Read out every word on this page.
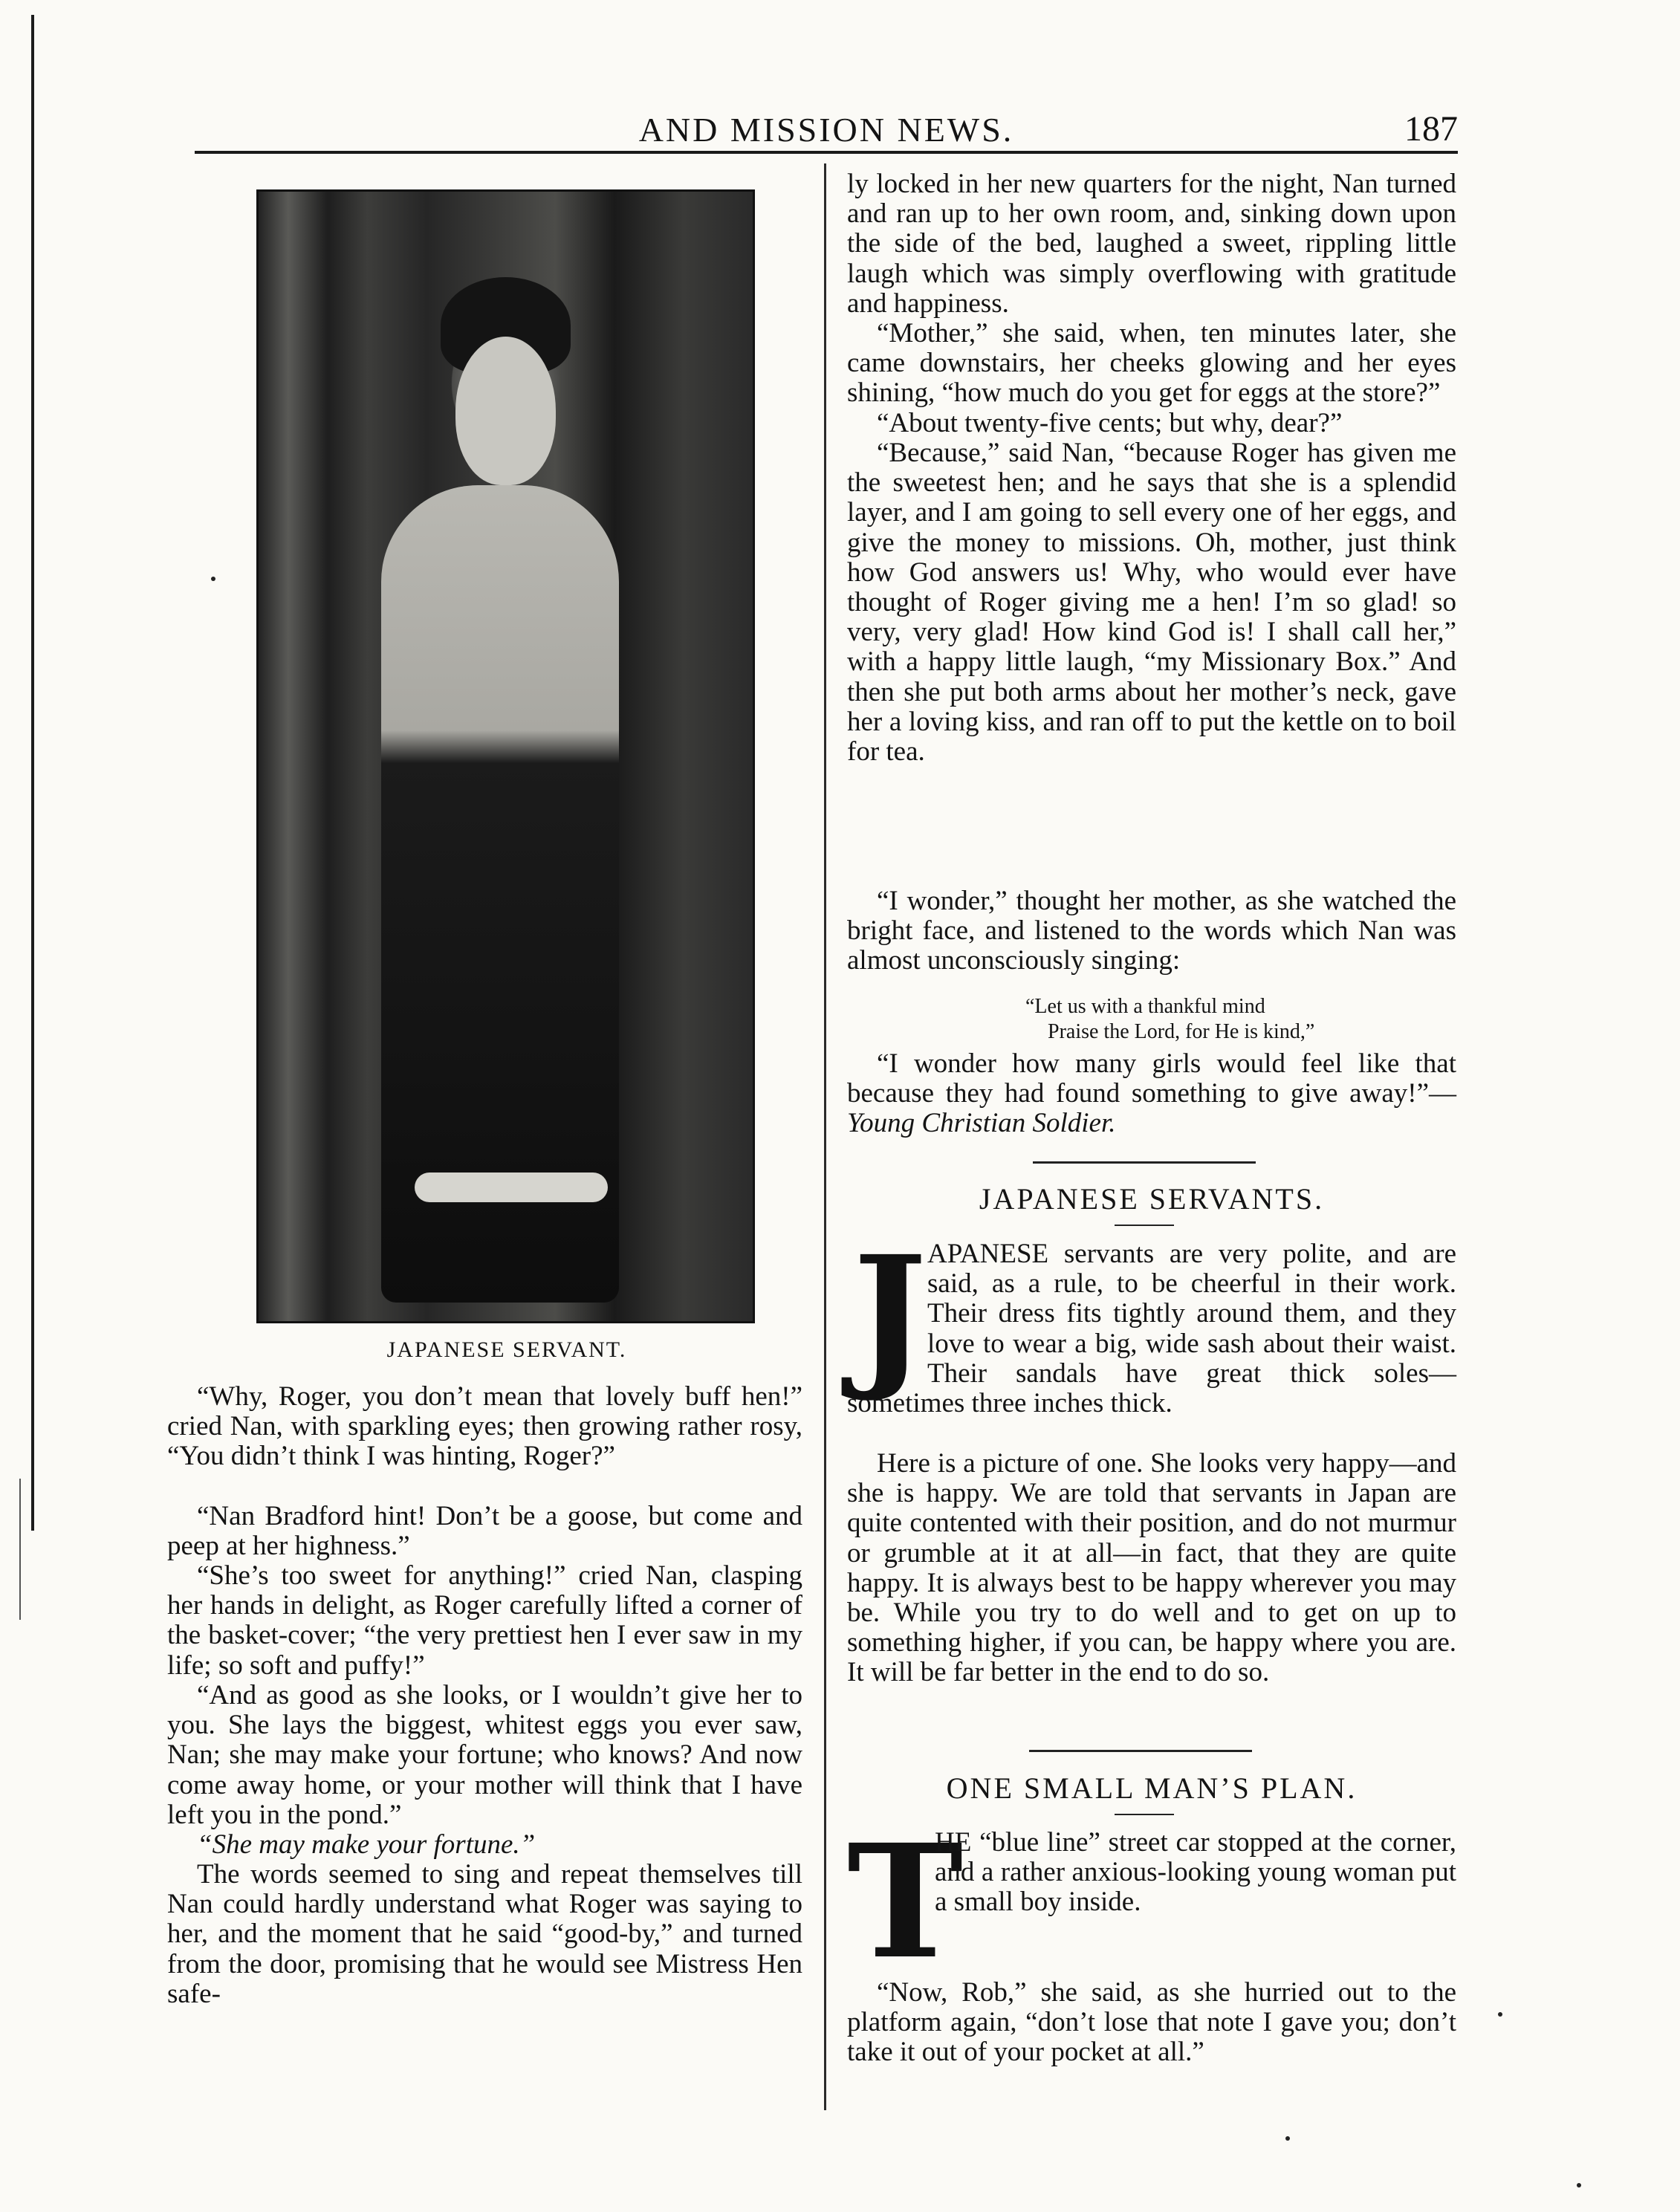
AND MISSION NEWS.	187
JAPANESE SERVANT.

“Why, Roger, you don’t mean that lovely buff hen!” cried Nan, with sparkling eyes; then growing rather rosy, “You didn’t think I was hinting, Roger?”

“Nan Bradford hint! Don’t be a goose, but come and peep at her highness.”

“She’s too sweet for anything!” cried Nan, clasping her hands in delight, as Roger carefully lifted a corner of the basket-cover; “the very prettiest hen I ever saw in my life; so soft and puffy!”

“And as good as she looks, or I wouldn’t give her to you. She lays the biggest, whitest eggs you ever saw, Nan; she may make your fortune; who knows? And now come away home, or your mother will think that I have left you in the pond.”

“She may make your fortune.”

The words seemed to sing and repeat themselves till Nan could hardly understand what Roger was saying to her, and the moment that he said “good-by,” and turned from the door, promising that he would see Mistress Hen safe-

ly locked in her new quarters for the night, Nan turned and ran up to her own room, and, sinking down upon the side of the bed, laughed a sweet, rippling little laugh which was simply overflowing with gratitude and happiness.

“Mother,” she said, when, ten minutes later, she came downstairs, her cheeks glowing and her eyes shining, “how much do you get for eggs at the store?”

“About twenty-five cents; but why, dear?”

“Because,” said Nan, “because Roger has given me the sweetest hen; and he says that she is a splendid layer, and I am going to sell every one of her eggs, and give the money to missions. Oh, mother, just think how God answers us! Why, who would ever have thought of Roger giving me a hen! I’m so glad! so very, very glad! How kind God is! I shall call her,” with a happy little laugh, “my Missionary Box.” And then she put both arms about her mother’s neck, gave her a loving kiss, and ran off to put the kettle on to boil for tea.

“I wonder,” thought her mother, as she watched the bright face, and listened to the words which Nan was almost unconsciously singing:

“Let us with a thankful mind
Praise the Lord, for He is kind,”

“I wonder how many girls would feel like that because they had found something to give away!”—Young Christian Soldier.

JAPANESE SERVANTS.
J APANESE servants are very polite, and are said, as a rule, to be cheerful in their work. Their dress fits tightly around them, and they love to wear a big, wide sash about their waist. Their sandals have great thick soles—sometimes three inches thick.

Here is a picture of one. She looks very happy—and she is happy. We are told that servants in Japan are quite contented with their position, and do not murmur or grumble at it at all—in fact, that they are quite happy. It is always best to be happy wherever you may be. While you try to do well and to get on up to something higher, if you can, be happy where you are. It will be far better in the end to do so.

ONE SMALL MAN’S PLAN.
T
HE “blue line” street car stopped at the corner, and a rather anxious-looking young woman put a small boy inside.

“Now, Rob,” she said, as she hurried out to the platform again, “don’t lose that note I gave you; don’t take it out of your pocket at all.”
